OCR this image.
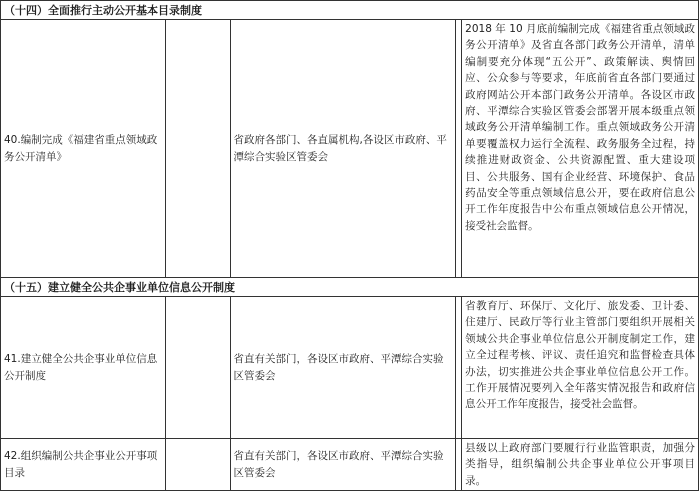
（十四）全面推行主动公开基本目录制度				
40.编制完成《福建省重点领域政务公开清单》		省政府各部门、各直属机构,各设区市政府、平潭综合实验区管委会		2018 年 10 月底前编制完成《福建省重点领域政务公开清单》及省直各部门政务公开清单，清单编制要充分体现“五公开”、政策解读、舆情回应、公众参与等要求，年底前省直各部门要通过政府网站公开本部门政务公开清单。各设区市政府、平潭综合实验区管委会部署开展本级重点领域政务公开清单编制工作。重点领域政务公开清单要覆盖权力运行全流程、政务服务全过程，持续推进财政资金、公共资源配置、重大建设项目、公共服务、国有企业经营、环境保护、食品药品安全等重点领域信息公开，要在政府信息公开工作年度报告中公布重点领域信息公开情况，接受社会监督。
（十五）建立健全公共企事业单位信息公开制度				
41.建立健全公共企事业单位信息公开制度		省直有关部门，各设区市政府、平潭综合实验区管委会		省教育厅、环保厅、文化厅、旅发委、卫计委、住建厅、民政厅等行业主管部门要组织开展相关领域公共企事业单位信息公开制度制定工作，建立全过程考核、评议、责任追究和监督检查具体办法，切实推进公共企事业单位信息公开工作。工作开展情况要列入全年落实情况报告和政府信息公开工作年度报告，接受社会监督。
42.组织编制公共企事业公开事项目录		省直有关部门，各设区市政府、平潭综合实验区管委会		县级以上政府部门要履行行业监管职责，加强分类指导，组织编制公共企事业单位公开事项目录。
